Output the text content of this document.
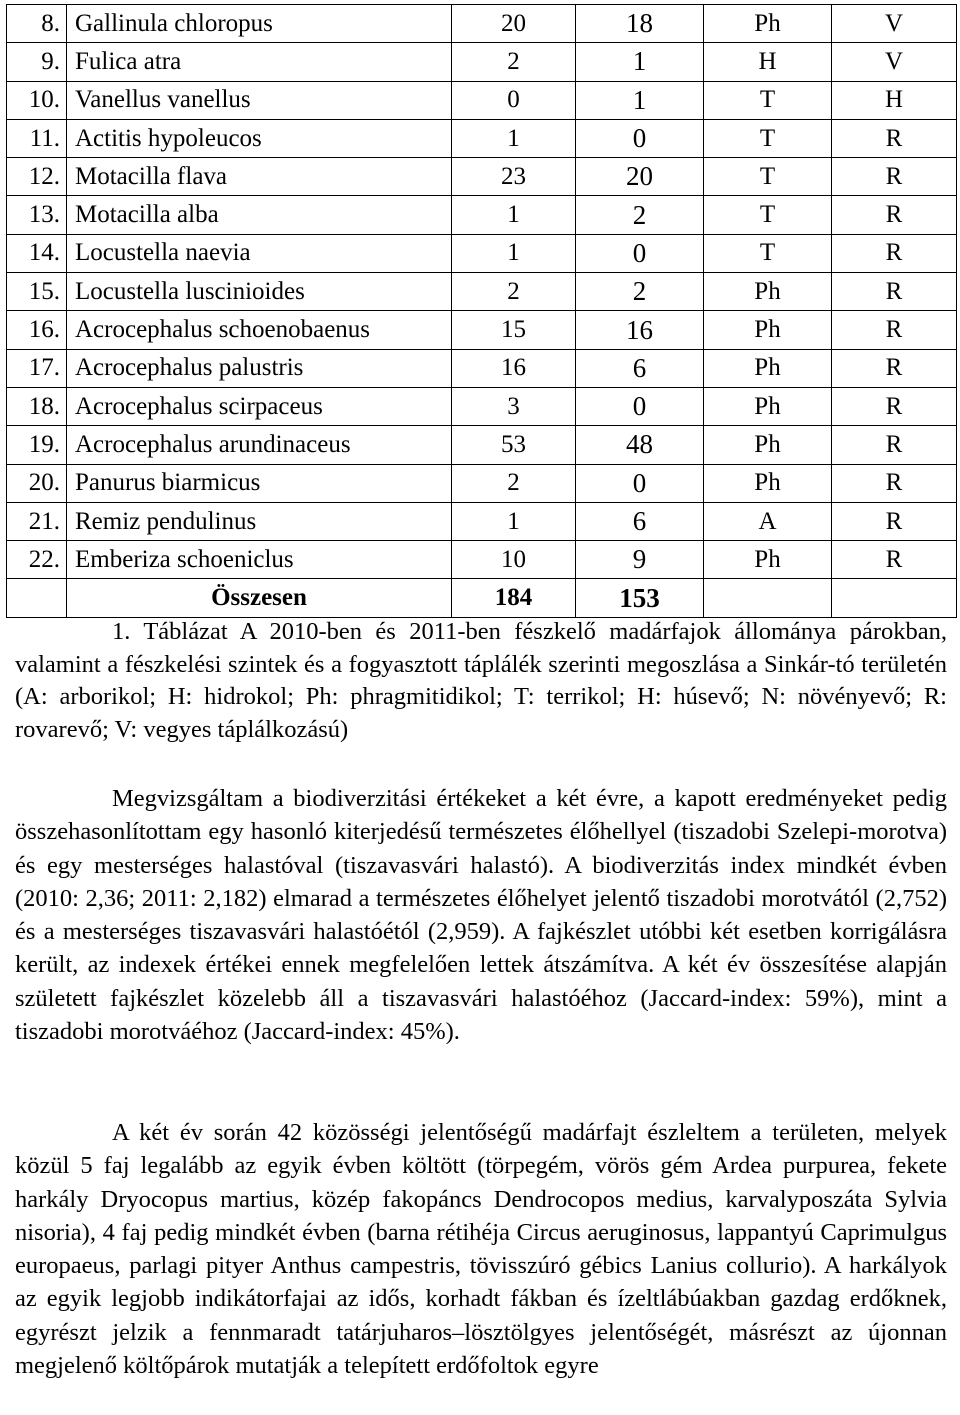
8.	Gallinula chloropus	20	18	Ph	V
9.	Fulica atra	2	1	H	V
10.	Vanellus vanellus	0	1	T	H
11.	Actitis hypoleucos	1	0	T	R
12.	Motacilla flava	23	20	T	R
13.	Motacilla alba	1	2	T	R
14.	Locustella naevia	1	0	T	R
15.	Locustella luscinioides	2	2	Ph	R
16.	Acrocephalus schoenobaenus	15	16	Ph	R
17.	Acrocephalus palustris	16	6	Ph	R
18.	Acrocephalus scirpaceus	3	0	Ph	R
19.	Acrocephalus arundinaceus	53	48	Ph	R
20.	Panurus biarmicus	2	0	Ph	R
21.	Remiz pendulinus	1	6	A	R
22.	Emberiza schoeniclus	10	9	Ph	R
	Összesen	184	153		

1. Táblázat A 2010-ben és 2011-ben fészkelő madárfajok állománya párokban, valamint a fészkelési szintek és a fogyasztott táplálék szerinti megoszlása a Sinkár-tó területén (A: arborikol; H: hidrokol; Ph: phragmitidikol; T: terrikol; H: húsevő; N: növényevő; R: rovarevő; V: vegyes táplálkozású)

Megvizsgáltam a biodiverzitási értékeket a két évre, a kapott eredményeket pedig összehasonlítottam egy hasonló kiterjedésű természetes élőhellyel (tiszadobi Szelepi-morotva) és egy mesterséges halastóval (tiszavasvári halastó). A biodiverzitás index mindkét évben (2010: 2,36; 2011: 2,182) elmarad a természetes élőhelyet jelentő tiszadobi morotvától (2,752) és a mesterséges tiszavasvári halastóétól (2,959). A fajkészlet utóbbi két esetben korrigálásra került, az indexek értékei ennek megfelelően lettek átszámítva. A két év összesítése alapján született fajkészlet közelebb áll a tiszavasvári halastóéhoz (Jaccard-index: 59%), mint a tiszadobi morotváéhoz (Jaccard-index: 45%).

A két év során 42 közösségi jelentőségű madárfajt észleltem a területen, melyek közül 5 faj legalább az egyik évben költött (törpegém, vörös gém Ardea purpurea, fekete harkály Dryocopus martius, közép fakopáncs Dendrocopos medius, karvalyposzáta Sylvia nisoria), 4 faj pedig mindkét évben (barna rétihéja Circus aeruginosus, lappantyú Caprimulgus europaeus, parlagi pityer Anthus campestris, tövisszúró gébics Lanius collurio). A harkályok az egyik legjobb indikátorfajai az idős, korhadt fákban és ízeltlábúakban gazdag erdőknek, egyrészt jelzik a fennmaradt tatárjuharos–lösztölgyes jelentőségét, másrészt az újonnan megjelenő költőpárok mutatják a telepített erdőfoltok egyre
